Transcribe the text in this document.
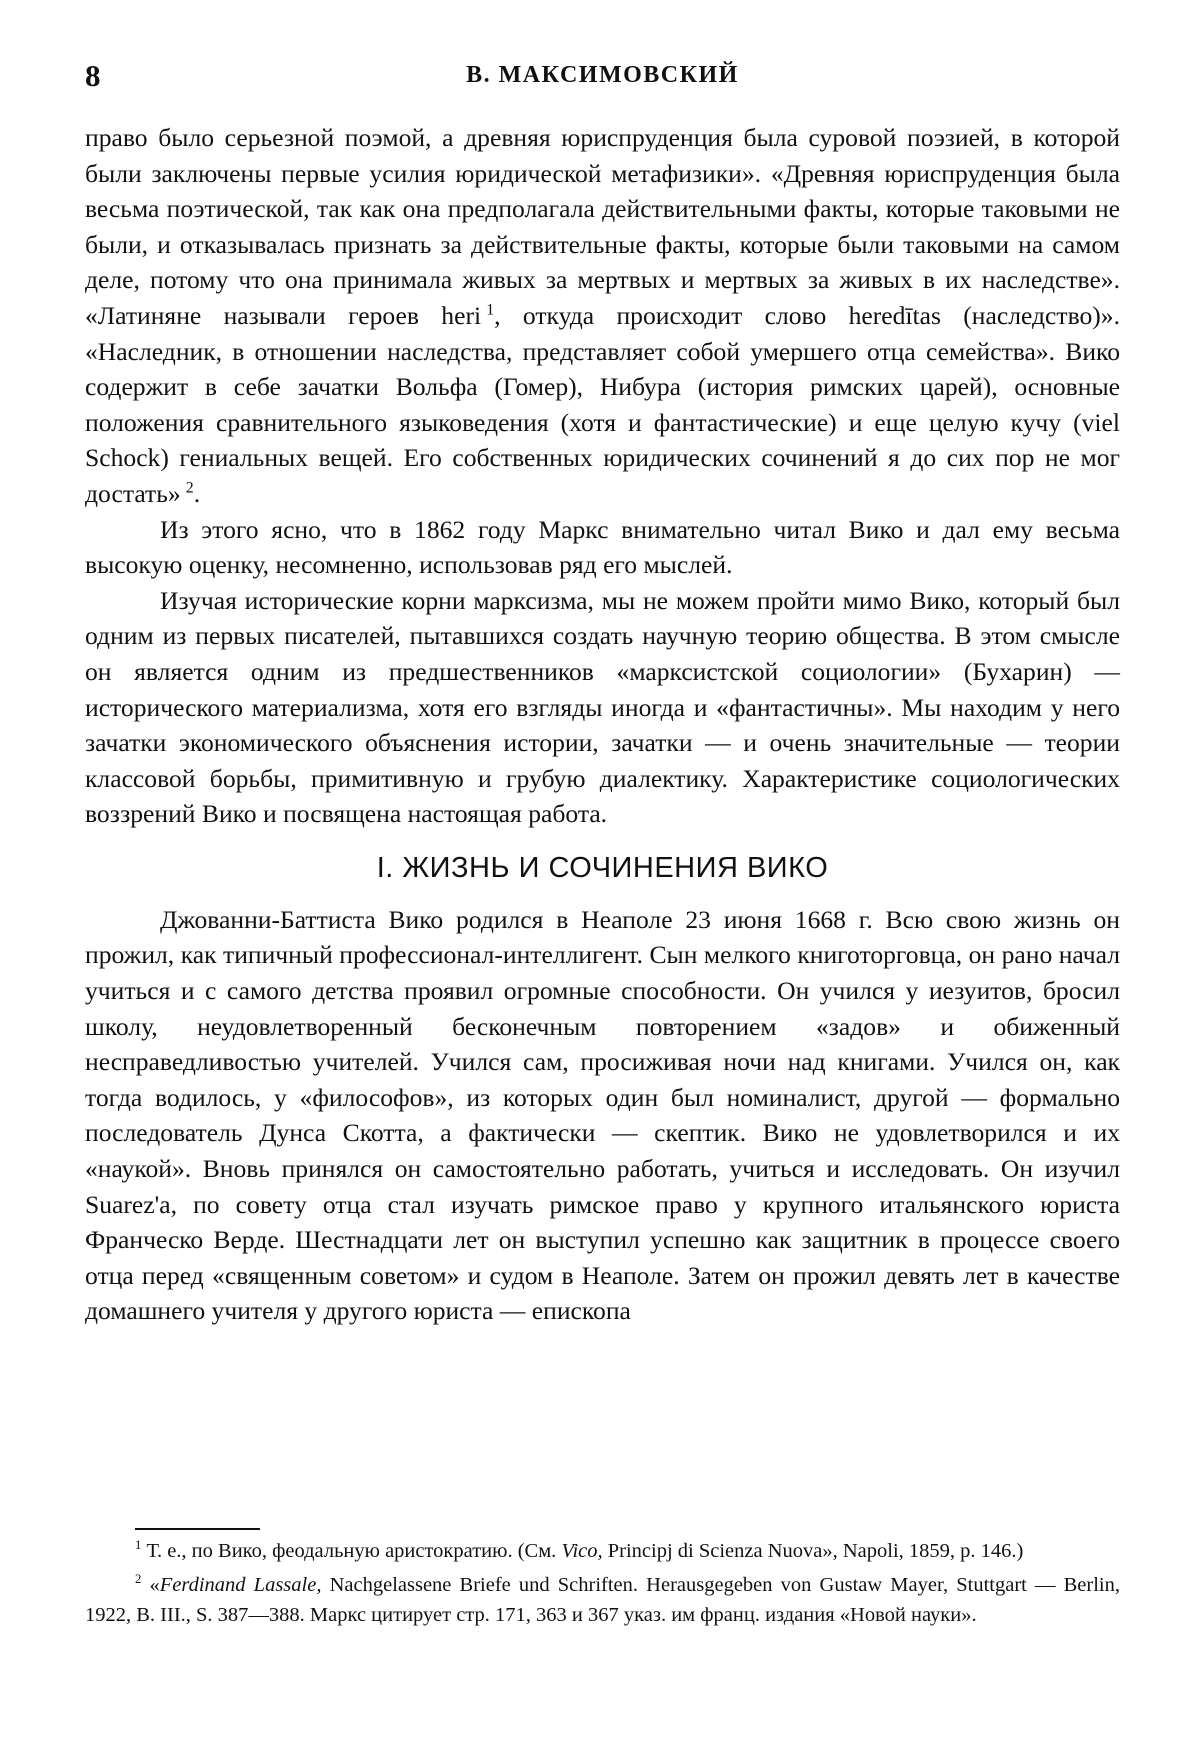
8	В. МАКСИМОВСКИЙ

право было серьезной поэмой, а древняя юриспруденция была суровой поэзией, в которой были заключены первые усилия юридической метафизики». «Древняя юриспруденция была весьма поэтической, так как она предполагала действительными факты, которые таковыми не были, и отказывалась признать за действительные факты, которые были таковыми на самом деле, потому что она принимала живых за мертвых и мертвых за живых в их наследстве». «Латиняне называли героев heri  $^1$, откуда происходит слово heredītas (наследство)». «Наследник, в отношении наследства, представляет собой умершего отца семейства». Вико содержит в себе зачатки Вольфа (Гомер), Нибура (история римских царей), основные положения сравнительного языковедения (хотя и фантастические) и еще целую кучу (viel Schock) гениальных вещей. Его собственных юридических сочинений я до сих пор не мог достать»  $^2$.

Из этого ясно, что в 1862 году Маркс внимательно читал Вико и дал ему весьма высокую оценку, несомненно, использовав ряд его мыслей.

Изучая исторические корни марксизма, мы не можем пройти мимо Вико, который был одним из первых писателей, пытавшихся создать научную теорию общества. В этом смысле он является одним из предшественников «марксистской социологии» (Бухарин) — исторического материализма, хотя его взгляды иногда и «фантастичны». Мы находим у него зачатки экономического объяснения истории, зачатки — и очень значительные — теории классовой борьбы, примитивную и грубую диалектику. Характеристике социологических воззрений Вико и посвящена настоящая работа.

I. ЖИЗНЬ И СОЧИНЕНИЯ ВИКО

Джованни-Баттиста Вико родился в Неаполе 23 июня 1668 г. Всю свою жизнь он прожил, как типичный профессионал-интеллигент. Сын мелкого книготорговца, он рано начал учиться и с самого детства проявил огромные способности. Он учился у иезуитов, бросил школу, неудовлетворенный бесконечным повторением «задов» и обиженный несправедливостью учителей. Учился сам, просиживая ночи над книгами. Учился он, как тогда водилось, у «философов», из которых один был номиналист, другой — формально последователь Дунса Скотта, а фактически — скептик. Вико не удовлетворился и их «наукой». Вновь принялся он самостоятельно работать, учиться и исследовать. Он изучил Suarez'а, по совету отца стал изучать римское право у крупного итальянского юриста Франческо Верде. Шестнадцати лет он выступил успешно как защитник в процессе своего отца перед «священным советом» и судом в Неаполе. Затем он прожил девять лет в качестве домашнего учителя у другого юриста — епископа

$^1$ Т. е., по Вико, феодальную аристократию. (См. Vico, Principj di Scienza Nuova», Napoli, 1859, p. 146.)

$^2$ «Ferdinand Lassale, Nachgelassene Briefe und Schriften. Herausgegeben von Gustaw Mayer, Stuttgart — Berlin, 1922, B. III., S. 387—388. Маркс цитирует стр. 171, 363 и 367 указ. им франц. издания «Новой науки».
